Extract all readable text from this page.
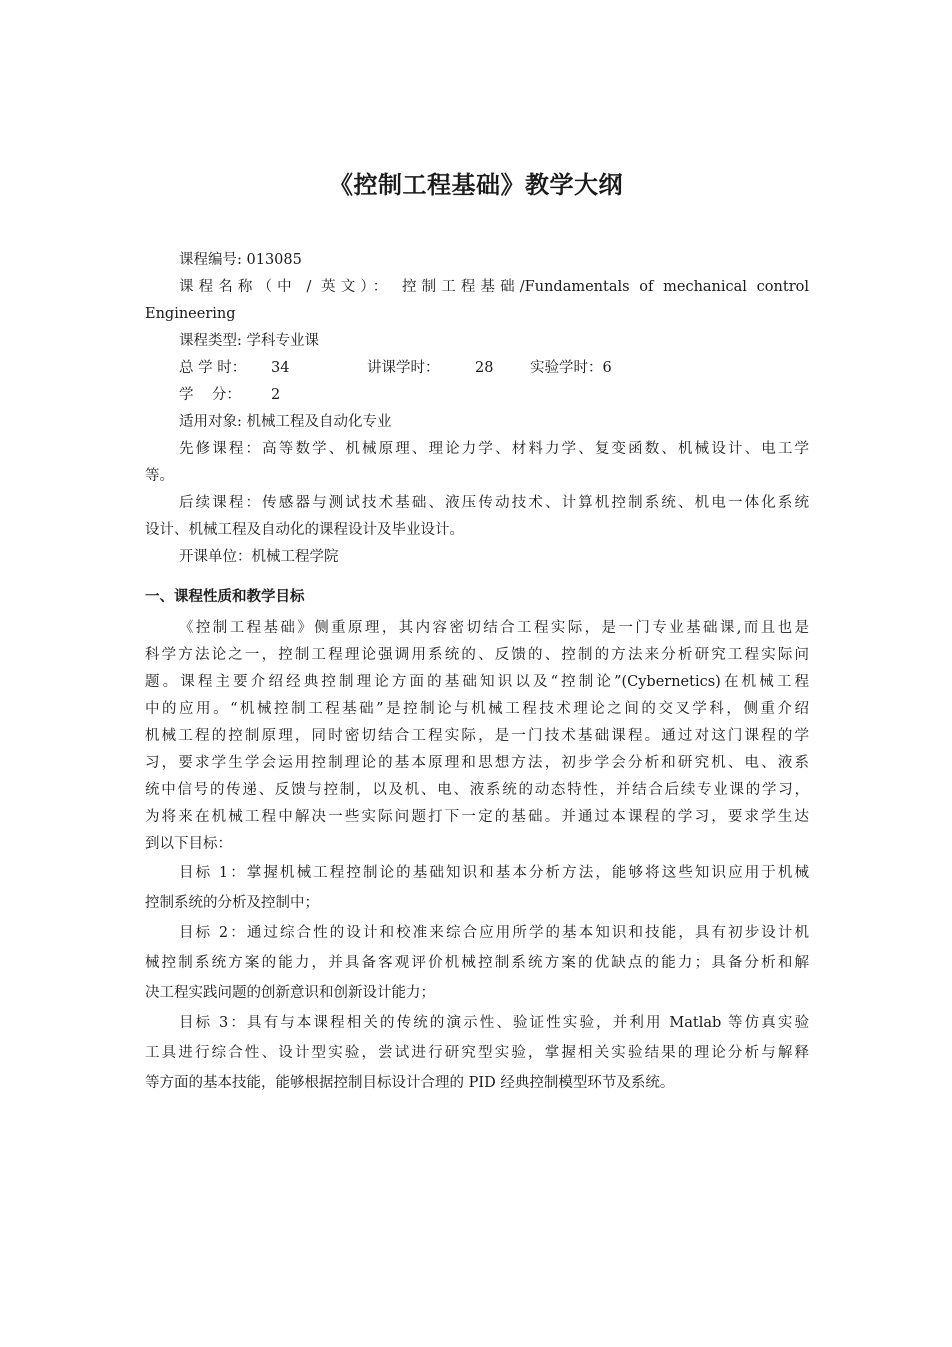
《控制工程基础》教学大纲
课程编号: 013085
课程名称（中 / 英文）： 控制工程基础/Fundamentals of mechanical control
Engineering
课程类型: 学科专业课
总 学 时：	34	讲课学时：	28	实验学时：6
学    分：	2
适用对象: 机械工程及自动化专业
先修课程：高等数学、机械原理、理论力学、材料力学、复变函数、机械设计、电工学
等。
后续课程：传感器与测试技术基础、液压传动技术、计算机控制系统、机电一体化系统
设计、机械工程及自动化的课程设计及毕业设计。
开课单位：机械工程学院
一、课程性质和教学目标
《控制工程基础》侧重原理，其内容密切结合工程实际，是一门专业基础课,而且也是
科学方法论之一，控制工程理论强调用系统的、反馈的、控制的方法来分析研究工程实际问
题。课程主要介绍经典控制理论方面的基础知识以及“控制论”(Cybernetics)在机械工程
中的应用。“机械控制工程基础”是控制论与机械工程技术理论之间的交叉学科，侧重介绍
机械工程的控制原理，同时密切结合工程实际，是一门技术基础课程。通过对这门课程的学
习，要求学生学会运用控制理论的基本原理和思想方法，初步学会分析和研究机、电、液系
统中信号的传递、反馈与控制，以及机、电、液系统的动态特性，并结合后续专业课的学习，
为将来在机械工程中解决一些实际问题打下一定的基础。并通过本课程的学习，要求学生达
到以下目标：
目标 1：掌握机械工程控制论的基础知识和基本分析方法，能够将这些知识应用于机械
控制系统的分析及控制中；
目标 2：通过综合性的设计和校准来综合应用所学的基本知识和技能，具有初步设计机
械控制系统方案的能力，并具备客观评价机械控制系统方案的优缺点的能力；具备分析和解
决工程实践问题的创新意识和创新设计能力；
目标 3：具有与本课程相关的传统的演示性、验证性实验，并利用 Matlab 等仿真实验
工具进行综合性、设计型实验，尝试进行研究型实验，掌握相关实验结果的理论分析与解释
等方面的基本技能，能够根据控制目标设计合理的 PID 经典控制模型环节及系统。
